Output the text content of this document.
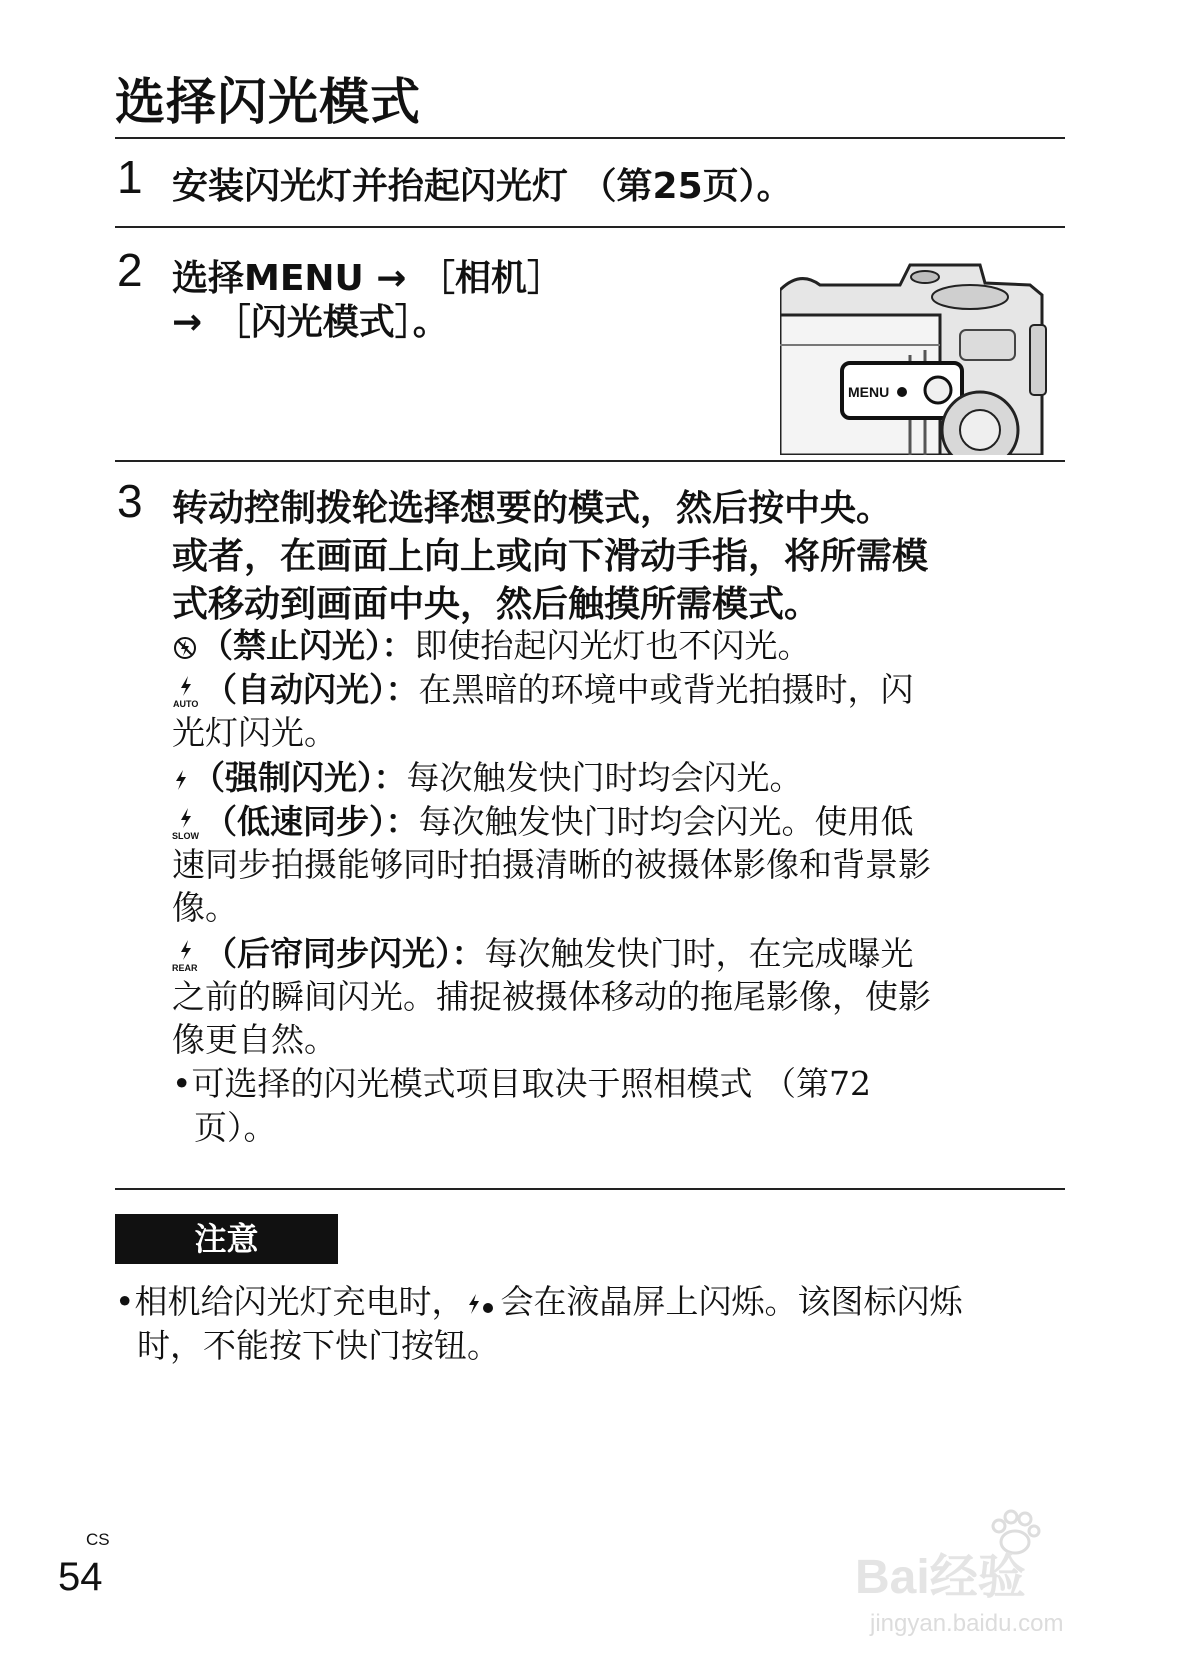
选择闪光模式
1 安装闪光灯并抬起闪光灯 （第25页）。
2 选择MENU → ［相机］
→ ［闪光模式］。
MENU
3 转动控制拨轮选择想要的模式，然后按中央。
或者，在画面上向上或向下滑动手指，将所需模
式移动到画面中央，然后触摸所需模式。
（禁止闪光）：即使抬起闪光灯也不闪光。
AUTO （自动闪光）：在黑暗的环境中或背光拍摄时，闪
光灯闪光。
（强制闪光）：每次触发快门时均会闪光。
SLOW （低速同步）：每次触发快门时均会闪光。使用低
速同步拍摄能够同时拍摄清晰的被摄体影像和背景影
像。
REAR （后帘同步闪光）：每次触发快门时，在完成曝光
之前的瞬间闪光。捕捉被摄体移动的拖尾影像，使影
像更自然。
•可选择的闪光模式项目取决于照相模式 （第72
页）。
注意
•相机给闪光灯充电时， 会在液晶屏上闪烁。该图标闪烁
时，不能按下快门按钮。
CS
54	Bai经验
jingyan.baidu.com
